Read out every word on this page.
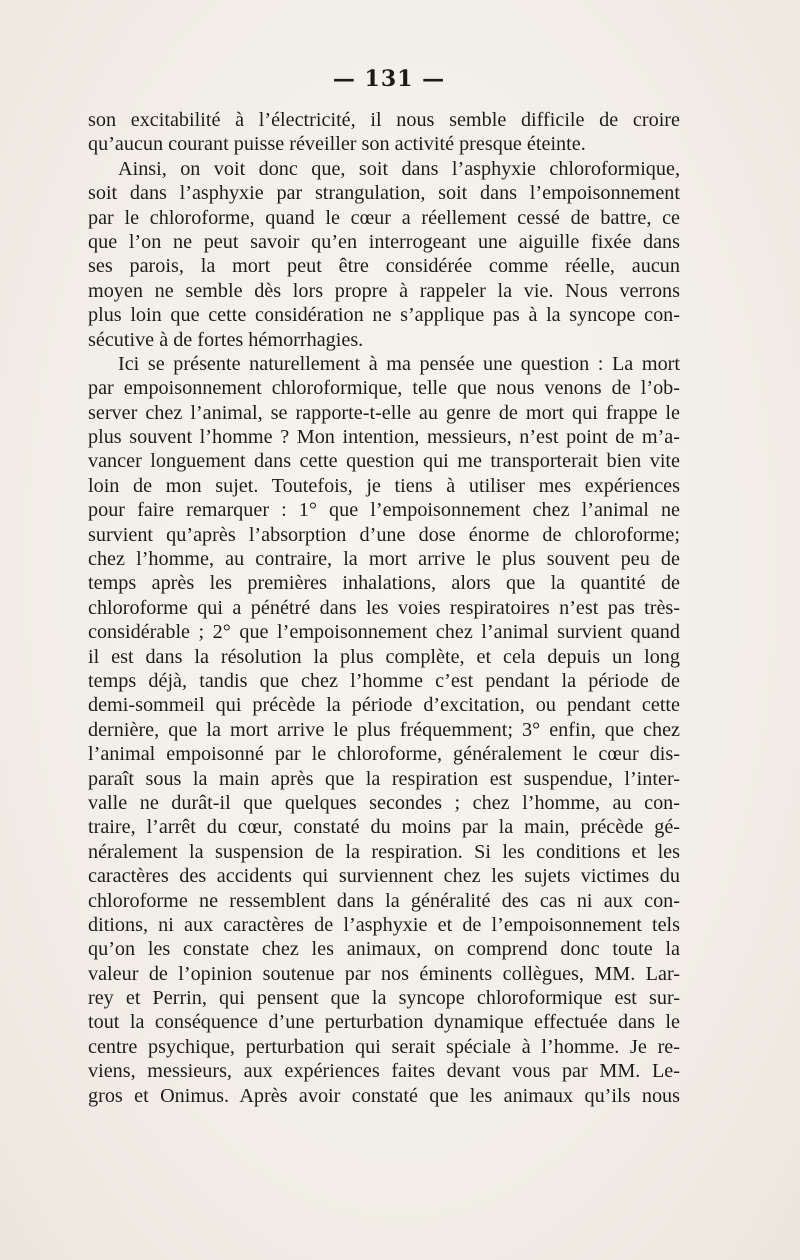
— 131 —
son excitabilité à l’électricité, il nous semble difficile de croire
qu’aucun courant puisse réveiller son activité presque éteinte.
Ainsi, on voit donc que, soit dans l’asphyxie chloroformique,
soit dans l’asphyxie par strangulation, soit dans l’empoisonnement
par le chloroforme, quand le cœur a réellement cessé de battre, ce
que l’on ne peut savoir qu’en interrogeant une aiguille fixée dans
ses parois, la mort peut être considérée comme réelle, aucun
moyen ne semble dès lors propre à rappeler la vie. Nous verrons
plus loin que cette considération ne s’applique pas à la syncope con-
sécutive à de fortes hémorrhagies.
Ici se présente naturellement à ma pensée une question : La mort
par empoisonnement chloroformique, telle que nous venons de l’ob-
server chez l’animal, se rapporte-t-elle au genre de mort qui frappe le
plus souvent l’homme ? Mon intention, messieurs, n’est point de m’a-
vancer longuement dans cette question qui me transporterait bien vite
loin de mon sujet. Toutefois, je tiens à utiliser mes expériences
pour faire remarquer : 1° que l’empoisonnement chez l’animal ne
survient qu’après l’absorption d’une dose énorme de chloroforme;
chez l’homme, au contraire, la mort arrive le plus souvent peu de
temps après les premières inhalations, alors que la quantité de
chloroforme qui a pénétré dans les voies respiratoires n’est pas très-
considérable ; 2° que l’empoisonnement chez l’animal survient quand
il est dans la résolution la plus complète, et cela depuis un long
temps déjà, tandis que chez l’homme c’est pendant la période de
demi-sommeil qui précède la période d’excitation, ou pendant cette
dernière, que la mort arrive le plus fréquemment; 3° enfin, que chez
l’animal empoisonné par le chloroforme, généralement le cœur dis-
paraît sous la main après que la respiration est suspendue, l’inter-
valle ne durât-il que quelques secondes ; chez l’homme, au con-
traire, l’arrêt du cœur, constaté du moins par la main, précède gé-
néralement la suspension de la respiration. Si les conditions et les
caractères des accidents qui surviennent chez les sujets victimes du
chloroforme ne ressemblent dans la généralité des cas ni aux con-
ditions, ni aux caractères de l’asphyxie et de l’empoisonnement tels
qu’on les constate chez les animaux, on comprend donc toute la
valeur de l’opinion soutenue par nos éminents collègues, MM. Lar-
rey et Perrin, qui pensent que la syncope chloroformique est sur-
tout la conséquence d’une perturbation dynamique effectuée dans le
centre psychique, perturbation qui serait spéciale à l’homme. Je re-
viens, messieurs, aux expériences faites devant vous par MM. Le-
gros et Onimus. Après avoir constaté que les animaux qu’ils nous
